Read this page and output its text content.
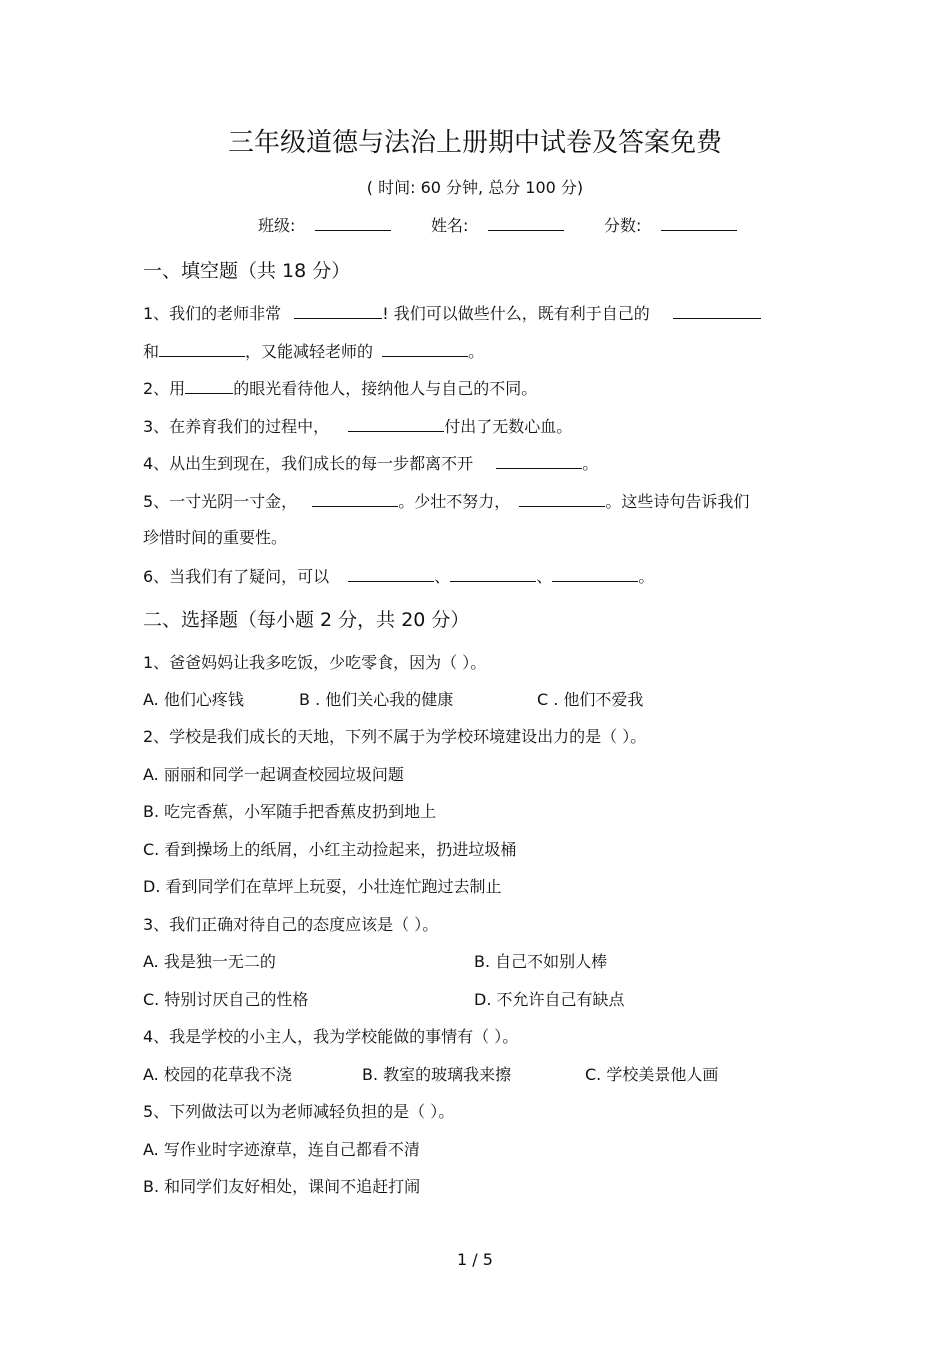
三年级道德与法治上册期中试卷及答案免费
( 时间: 60 分钟, 总分 100 分)
班级:	姓名:	分数:
一、填空题（共 18 分）
1、我们的老师非常	! 我们可以做些什么，既有利于自己的
和	，又能减轻老师的	。
2、用	的眼光看待他人，接纳他人与自己的不同。
3、在养育我们的过程中，	付出了无数心血。
4、从出生到现在，我们成长的每一步都离不开	。
5、一寸光阴一寸金，	。少壮不努力，	。这些诗句告诉我们
珍惜时间的重要性。
6、当我们有了疑问，可以	、	、	。
二、选择题（每小题 2 分，共 20 分）
1、爸爸妈妈让我多吃饭，少吃零食，因为（ ）。
A. 他们心疼钱	B . 他们关心我的健康	C . 他们不爱我
2、学校是我们成长的天地，下列不属于为学校环境建设出力的是（ ）。
A. 丽丽和同学一起调查校园垃圾问题
B. 吃完香蕉，小军随手把香蕉皮扔到地上
C. 看到操场上的纸屑，小红主动捡起来，扔进垃圾桶
D. 看到同学们在草坪上玩耍，小壮连忙跑过去制止
3、我们正确对待自己的态度应该是（ ）。
A. 我是独一无二的	B. 自己不如别人棒
C. 特别讨厌自己的性格	D. 不允许自己有缺点
4、我是学校的小主人，我为学校能做的事情有（ ）。
A. 校园的花草我不浇	B. 教室的玻璃我来擦	C. 学校美景他人画
5、下列做法可以为老师减轻负担的是（ ）。
A. 写作业时字迹潦草，连自己都看不清
B. 和同学们友好相处，课间不追赶打闹
1 / 5
